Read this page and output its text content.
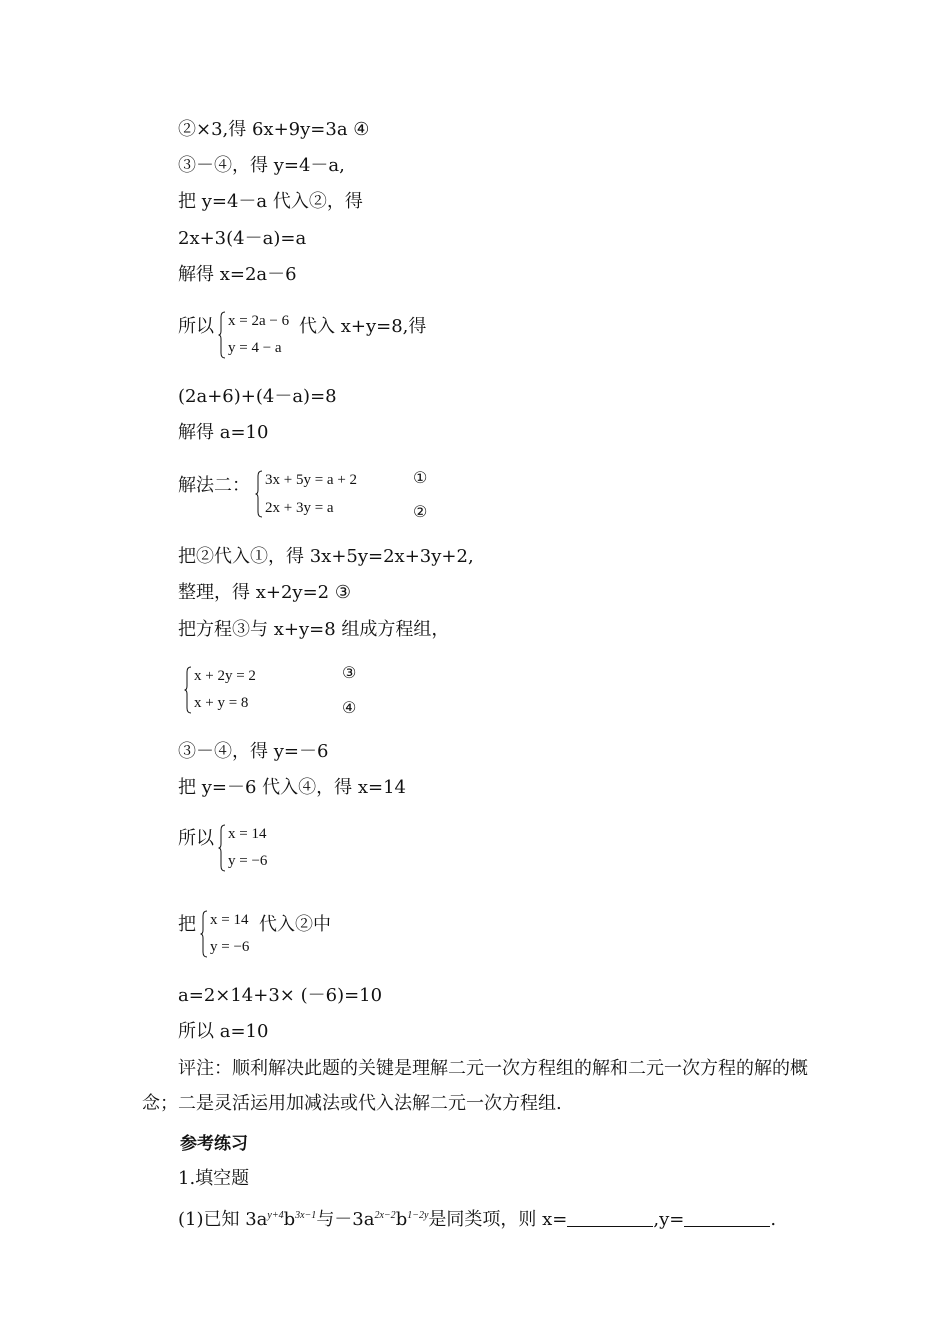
②×3,得 6x+9y=3a ④
③－④，得 y=4－a,
把 y=4－a 代入②，得
2x+3(4－a)=a
解得 x=2a－6
所以 x = 2a − 6
y = 4 − a
代入 x+y=8,得
(2a+6)+(4－a)=8
解得 a=10
解法二： 3x + 5y = a + 2
2x + 3y = a
①
②
把②代入①，得 3x+5y=2x+3y+2,
整理，得 x+2y=2 ③
把方程③与 x+y=8 组成方程组，
x + 2y = 2
x + y = 8
③
④
③－④，得 y=－6
把 y=－6 代入④，得 x=14
所以 x = 14
y = −6
把 x = 14
y = −6
代入②中
a=2×14+3× (－6)=10
所以 a=10
评注：顺利解决此题的关键是理解二元一次方程组的解和二元一次方程的解的概念；二是灵活运用加减法或代入法解二元一次方程组.
参考练习
1.填空题
(1)已知 $3a^{y+4}b^{3x-1}$与$-3a^{2x-2}b^{1-2y}$是同类项，则 x=	,y=	.
